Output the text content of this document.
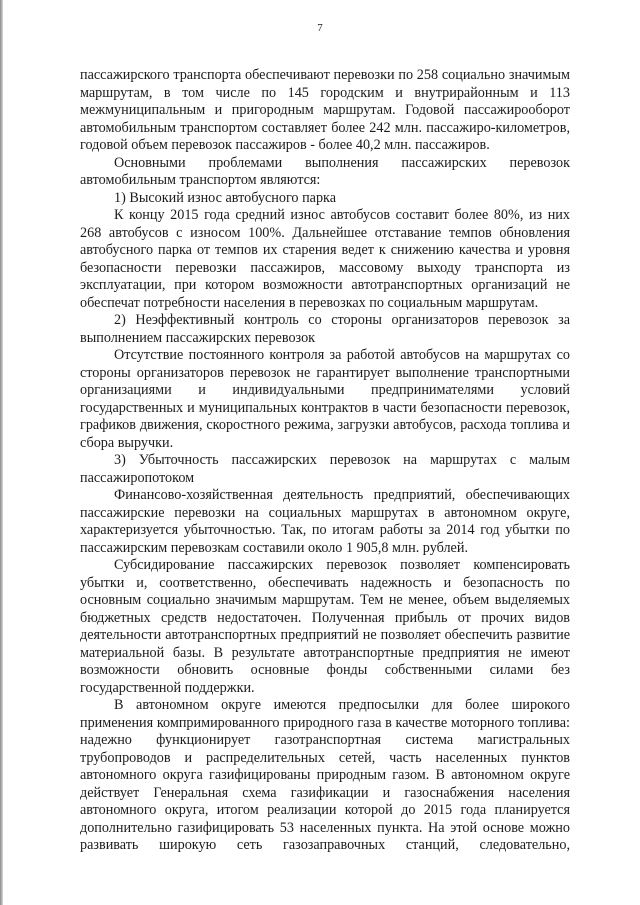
7

пассажирского транспорта обеспечивают перевозки по 258 социально значимым маршрутам, в том числе по 145 городским и внутрирайонным и 113 межмуниципальным и пригородным маршрутам. Годовой пассажирооборот автомобильным транспортом составляет более 242 млн. пассажиро-километров, годовой объем перевозок пассажиров - более 40,2 млн. пассажиров.

Основными проблемами выполнения пассажирских перевозок автомобильным транспортом являются:

1) Высокий износ автобусного парка

К концу 2015 года средний износ автобусов составит более 80%, из них 268 автобусов с износом 100%. Дальнейшее отставание темпов обновления автобусного парка от темпов их старения ведет к снижению качества и уровня безопасности перевозки пассажиров, массовому выходу транспорта из эксплуатации, при котором возможности автотранспортных организаций не обеспечат потребности населения в перевозках по социальным маршрутам.

2) Неэффективный контроль со стороны организаторов перевозок за выполнением пассажирских перевозок

Отсутствие постоянного контроля за работой автобусов на маршрутах со стороны организаторов перевозок не гарантирует выполнение транспортными организациями и индивидуальными предпринимателями условий государственных и муниципальных контрактов в части безопасности перевозок, графиков движения, скоростного режима, загрузки автобусов, расхода топлива и сбора выручки.

3) Убыточность пассажирских перевозок на маршрутах с малым пассажиропотоком

Финансово-хозяйственная деятельность предприятий, обеспечивающих пассажирские перевозки на социальных маршрутах в автономном округе, характеризуется убыточностью. Так, по итогам работы за 2014 год убытки по пассажирским перевозкам составили около 1 905,8 млн. рублей.

Субсидирование пассажирских перевозок позволяет компенсировать убытки и, соответственно, обеспечивать надежность и безопасность по основным социально значимым маршрутам. Тем не менее, объем выделяемых бюджетных средств недостаточен. Полученная прибыль от прочих видов деятельности автотранспортных предприятий не позволяет обеспечить развитие материальной базы. В результате автотранспортные предприятия не имеют возможности обновить основные фонды собственными силами без государственной поддержки.

В автономном округе имеются предпосылки для более широкого применения компримированного природного газа в качестве моторного топлива: надежно функционирует газотранспортная система магистральных трубопроводов и распределительных сетей, часть населенных пунктов автономного округа газифицированы природным газом. В автономном округе действует Генеральная схема газификации и газоснабжения населения автономного округа, итогом реализации которой до 2015 года планируется дополнительно газифицировать 53 населенных пункта. На этой основе можно развивать широкую сеть газозаправочных станций, следовательно,
